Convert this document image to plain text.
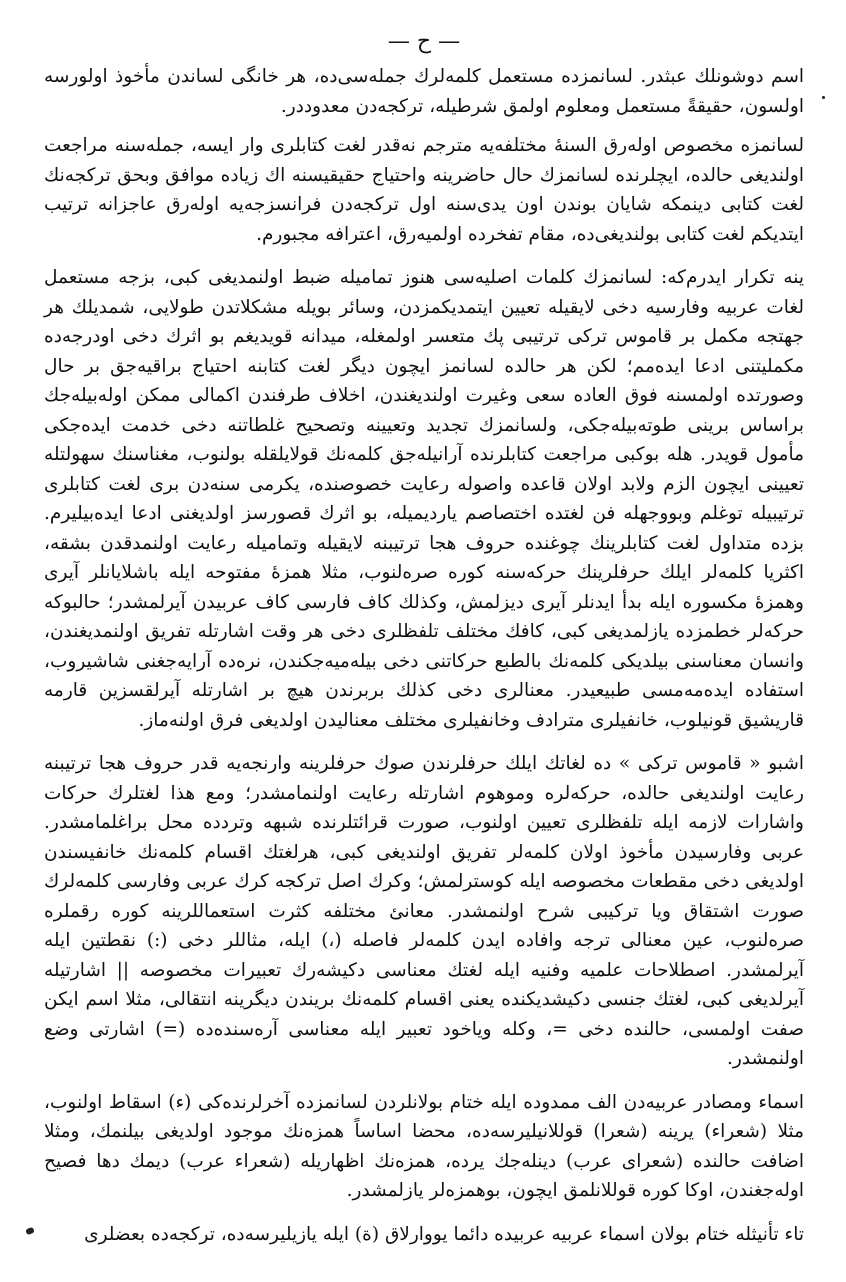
— ح —

اسم دوشونلك عبثدر. لسانمزده مستعمل كلمه‌لرك جمله‌سی‌ده، هر خانگی لساندن مأخوذ اولورسه اولسون، حقیقةً مستعمل ومعلوم اولمق شرطیله، ترکجه‌دن معدوددر.

لسانمزه مخصوص اوله‌رق السنهٔ مختلفه‌یه مترجم نه‌قدر لغت کتابلری وار ایسه، جمله‌سنه مراجعت اولندیغی حالده، ایچلرنده لسانمزك حال حاضرینه واحتیاج حقیقیسنه اك زیاده موافق وبحق ترکجه‌نك لغت کتابی دینمکه شایان بوندن اون یدی‌سنه اول ترکجه‌دن فرانسزجه‌یه اوله‌رق عاجزانه ترتیب ایتدیکم لغت کتابی بولندیغی‌ده، مقام تفخرده اولمیه‌رق، اعترافه مجبورم.

ینه تکرار ایدرم‌که: لسانمزك کلمات اصلیه‌سی هنوز تمامیله ضبط اولنمدیغی کبی، بزجه مستعمل لغات عربیه وفارسیه دخی لایقیله تعیین ایتمدیکمزدن، وسائر بویله مشکلاتدن طولایی، شمدیلك هر جهتجه مکمل بر قاموس ترکی ترتیبی پك متعسر اولمغله، میدانه قویدیغم بو اثرك دخی اودرجه‌ده مکملیتنی ادعا ایده‌مم؛ لکن هر حالده لسانمز ایچون دیگر لغت کتابنه احتیاج براقیه‌جق بر حال وصورتده اولمسنه فوق العاده سعی وغیرت اولندیغندن، اخلاف طرفندن اکمالی ممکن اوله‌بیله‌جك براساس برینی طوته‌بیله‌جکی، ولسانمزك تجدید وتعیینه وتصحیح غلطاتنه دخی خدمت ایده‌جکی مأمول قویدر. هله بوکبی مراجعت کتابلرنده آرانیله‌جق کلمه‌نك قولایلقله بولنوب، مغناسنك سهولتله تعیینی ایچون الزم ولابد اولان قاعده واصوله رعایت خصوصنده، یکرمی سنه‌دن بری لغت کتابلری ترتیبیله توغلم وبووجهله فن لغتده اختصاصم یاردیمیله، بو اثرك قصورسز اولدیغنی ادعا ایده‌بیلیرم. بزده متداول لغت کتابلرینك چوغنده حروف هجا ترتیبنه لایقیله وتمامیله رعایت اولنمدقدن بشقه، اکثریا کلمه‌لر ایلك حرفلرینك حرکه‌سنه کوره صرەلنوب، مثلا همزهٔ مفتوحه ایله باشلایانلر آیری وهمزهٔ مکسوره ایله بدأ ایدنلر آیری دیزلمش، وکذلك کاف فارسی کاف عربیدن آیرلمشدر؛ حالبوکه حرکه‌لر خطمزده یازلمدیغی کبی، کافك مختلف تلفظلری دخی هر وقت اشارتله تفریق اولنمدیغندن، وانسان معناسنی بیلدیکی کلمه‌نك بالطبع حرکاتنی دخی بیلەمیه‌جکندن، نره‌ده آرایه‌جغنی شاشیروب، استفاده ایده‌مه‌مسی طبیعیدر. معنالری دخی کذلك بربرندن هیچ بر اشارتله آیرلقسزین قارمه قاریشیق قونیلوب، خانفیلری مترادف وخانفیلری مختلف معنالیدن اولدیغی فرق اولنه‌ماز.

اشبو « قاموس ترکی » ده لغاتك ایلك حرفلرندن صوك حرفلرینه وارنجه‌یه قدر حروف هجا ترتیبنه رعایت اولندیغی حالده، حرکه‌لره وموهوم اشارتله رعایت اولنمامشدر؛ ومع هذا لغتلرك حرکات واشارات لازمه ایله تلفظلری تعیین اولنوب، صورت قرائتلرنده شبهه وتردده محل براغلمامشدر. عربی وفارسیدن مأخوذ اولان کلمه‌لر تفریق اولندیغی کبی، هرلغتك اقسام کلمه‌نك خانفیسندن اولدیغی دخی مقطعات مخصوصه ایله کوسترلمش؛ وکرك اصل ترکجه کرك عربی وفارسی کلمه‌لرك صورت اشتقاق ویا ترکیبی شرح اولنمشدر. معانئ مختلفه کثرت استعماللرینه کوره رقملره صرەلنوب، عین معنالی ترجه وافاده ایدن کلمه‌لر فاصله (،) ایله، مثاللر دخی (:) نقطتین ایله آیرلمشدر. اصطلاحات علمیه وفنیه ایله لغتك معناسی دکیشه‌رك تعبیرات مخصوصه || اشارتیله آیرلدیغی کبی، لغتك جنسی دکیشدیکنده یعنی اقسام کلمه‌نك بریندن دیگرینه انتقالی، مثلا اسم ایکن صفت اولمسی، حالنده دخی =، وکله ویاخود تعبیر ایله معناسی آره‌سنده‌ده (=) اشارتی وضع اولنمشدر.

اسماء ومصادر عربیه‌دن الف ممدوده ایله ختام بولانلردن لسانمزده آخرلرنده‌کی (ء) اسقاط اولنوب، مثلا (شعراء) یرینه (شعرا) قوللانیلیرسه‌ده، محضا اساساً همزه‌نك موجود اولدیغی بیلنمك، ومثلا اضافت حالنده (شعرای عرب) دینله‌جك یرده، همزه‌نك اظهاریله (شعراء عرب) دیمك دها فصیح اوله‌جغندن، اوکا کوره قوللانلمق ایچون، بوهمزه‌لر یازلمشدر.

تاء تأنیثله ختام بولان اسماء عربیه عربیده دائما یووارلاق (ة) ایله یازیلیرسه‌ده، ترکجه‌ده بعضلری
